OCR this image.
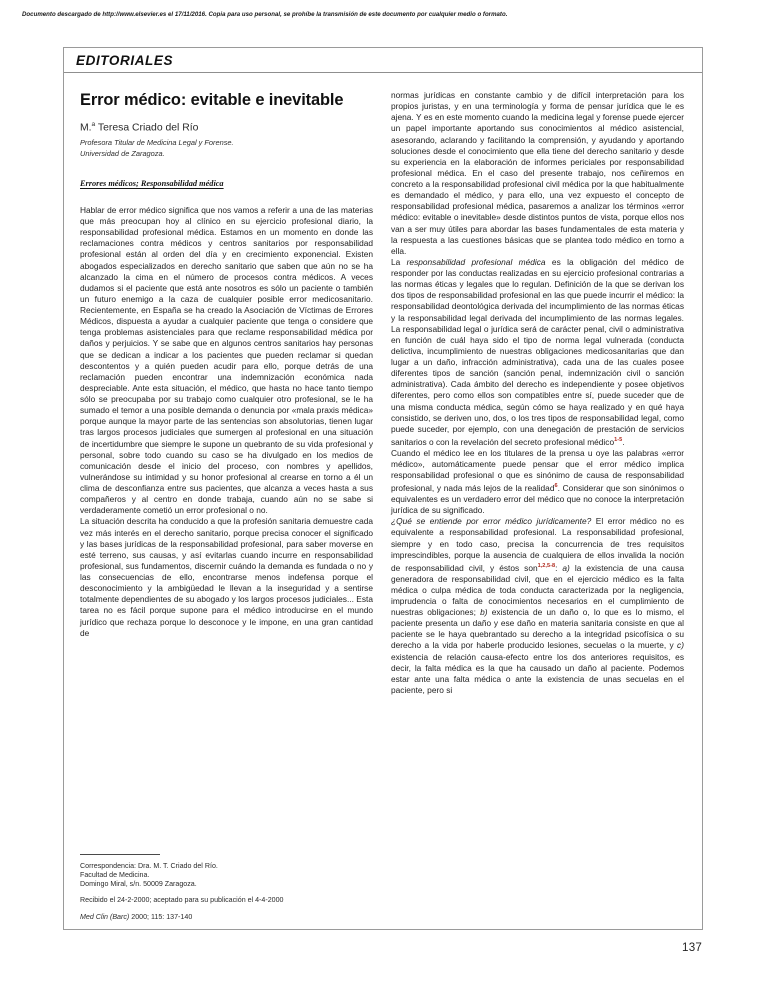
Documento descargado de http://www.elsevier.es el 17/11/2016. Copia para uso personal, se prohíbe la transmisión de este documento por cualquier medio o formato.
EDITORIALES
Error médico: evitable e inevitable
M.$^a$ Teresa Criado del Río
Profesora Titular de Medicina Legal y Forense.
Universidad de Zaragoza.
Errores médicos; Responsabilidad médica

Hablar de error médico significa que nos vamos a referir a una de las materias que más preocupan hoy al clínico en su ejercicio profesional diario, la responsabilidad profesional médica. Estamos en un momento en donde las reclamaciones contra médicos y centros sanitarios por responsabilidad profesional están al orden del día y en crecimiento exponencial. Existen abogados especializados en derecho sanitario que saben que aún no se ha alcanzado la cima en el número de procesos contra médicos. A veces dudamos si el paciente que está ante nosotros es sólo un paciente o también un futuro enemigo a la caza de cualquier posible error medicosanitario. Recientemente, en España se ha creado la Asociación de Víctimas de Errores Médicos, dispuesta a ayudar a cualquier paciente que tenga o considere que tenga problemas asistenciales para que reclame responsabilidad médica por daños y perjuicios. Y se sabe que en algunos centros sanitarios hay personas que se dedican a indicar a los pacientes que pueden reclamar si quedan descontentos y a quién pueden acudir para ello, porque detrás de una reclamación pueden encontrar una indemnización económica nada despreciable. Ante esta situación, el médico, que hasta no hace tanto tiempo sólo se preocupaba por su trabajo como cualquier otro profesional, se le ha sumado el temor a una posible demanda o denuncia por «mala praxis médica» porque aunque la mayor parte de las sentencias son absolutorias, tienen lugar tras largos procesos judiciales que sumergen al profesional en una situación de incertidumbre que siempre le supone un quebranto de su vida profesional y personal, sobre todo cuando su caso se ha divulgado en los medios de comunicación desde el inicio del proceso, con nombres y apellidos, vulnerándose su intimidad y su honor profesional al crearse en torno a él un clima de desconfianza entre sus pacientes, que alcanza a veces hasta a sus compañeros y al centro en donde trabaja, cuando aún no se sabe si verdaderamente cometió un error profesional o no.

La situación descrita ha conducido a que la profesión sanitaria demuestre cada vez más interés en el derecho sanitario, porque precisa conocer el significado y las bases jurídicas de la responsabilidad profesional, para saber moverse en esté terreno, sus causas, y así evitarlas cuando incurre en responsabilidad profesional, sus fundamentos, discernir cuándo la demanda es fundada o no y las consecuencias de ello, encontrarse menos indefensa porque el desconocimiento y la ambigüedad le llevan a la inseguridad y a sentirse totalmente dependientes de su abogado y los largos procesos judiciales... Esta tarea no es fácil porque supone para el médico introducirse en el mundo jurídico que rechaza porque lo desconoce y le impone, en una gran cantidad de

Correspondencia: Dra. M. T. Criado del Río.

Facultad de Medicina.

Domingo Miral, s/n. 50009 Zaragoza.

Recibido el 24-2-2000; aceptado para su publicación el 4-4-2000

Med Clin (Barc) 2000; 115: 137-140

normas jurídicas en constante cambio y de difícil interpretación para los propios juristas, y en una terminología y forma de pensar jurídica que le es ajena. Y es en este momento cuando la medicina legal y forense puede ejercer un papel importante aportando sus conocimientos al médico asistencial, asesorando, aclarando y facilitando la comprensión, y ayudando y aportando soluciones desde el conocimiento que ella tiene del derecho sanitario y desde su experiencia en la elaboración de informes periciales por responsabilidad profesional médica. En el caso del presente trabajo, nos ceñiremos en concreto a la responsabilidad profesional civil médica por la que habitualmente es demandado el médico, y para ello, una vez expuesto el concepto de responsabilidad profesional médica, pasaremos a analizar los términos «error médico: evitable o inevitable» desde distintos puntos de vista, porque ellos nos van a ser muy útiles para abordar las bases fundamentales de esta materia y la respuesta a las cuestiones básicas que se plantea todo médico en torno a ella.

La responsabilidad profesional médica es la obligación del médico de responder por las conductas realizadas en su ejercicio profesional contrarias a las normas éticas y legales que lo regulan. Definición de la que se derivan los dos tipos de responsabilidad profesional en las que puede incurrir el médico: la responsabilidad deontológica derivada del incumplimiento de las normas éticas y la responsabilidad legal derivada del incumplimiento de las normas legales. La responsabilidad legal o jurídica será de carácter penal, civil o administrativa en función de cuál haya sido el tipo de norma legal vulnerada (conducta delictiva, incumplimiento de nuestras obligaciones medicosanitarias que dan lugar a un daño, infracción administrativa), cada una de las cuales posee diferentes tipos de sanción (sanción penal, indemnización civil o sanción administrativa). Cada ámbito del derecho es independiente y posee objetivos diferentes, pero como ellos son compatibles entre sí, puede suceder que de una misma conducta médica, según cómo se haya realizado y en qué haya consistido, se deriven uno, dos, o los tres tipos de responsabilidad legal, como puede suceder, por ejemplo, con una denegación de prestación de servicios sanitarios o con la revelación del secreto profesional médico$^{1-5}$.

Cuando el médico lee en los titulares de la prensa u oye las palabras «error médico», automáticamente puede pensar que el error médico implica responsabilidad profesional o que es sinónimo de causa de responsabilidad profesional, y nada más lejos de la realidad$^6$. Considerar que son sinónimos o equivalentes es un verdadero error del médico que no conoce la interpretación jurídica de su significado.

¿Qué se entiende por error médico jurídicamente? El error médico no es equivalente a responsabilidad profesional. La responsabilidad profesional, siempre y en todo caso, precisa la concurrencia de tres requisitos imprescindibles, porque la ausencia de cualquiera de ellos invalida la noción de responsabilidad civil, y éstos son$^{1,2,5-8}$: a) la existencia de una causa generadora de responsabilidad civil, que en el ejercicio médico es la falta médica o culpa médica de toda conducta caracterizada por la negligencia, imprudencia o falta de conocimientos necesarios en el cumplimiento de nuestras obligaciones; b) existencia de un daño o, lo que es lo mismo, el paciente presenta un daño y ese daño en materia sanitaria consiste en que al paciente se le haya quebrantado su derecho a la integridad psicofísica o su derecho a la vida por haberle producido lesiones, secuelas o la muerte, y c) existencia de relación causa-efecto entre los dos anteriores requisitos, es decir, la falta médica es la que ha causado un daño al paciente. Podemos estar ante una falta médica o ante la existencia de unas secuelas en el paciente, pero si

137
